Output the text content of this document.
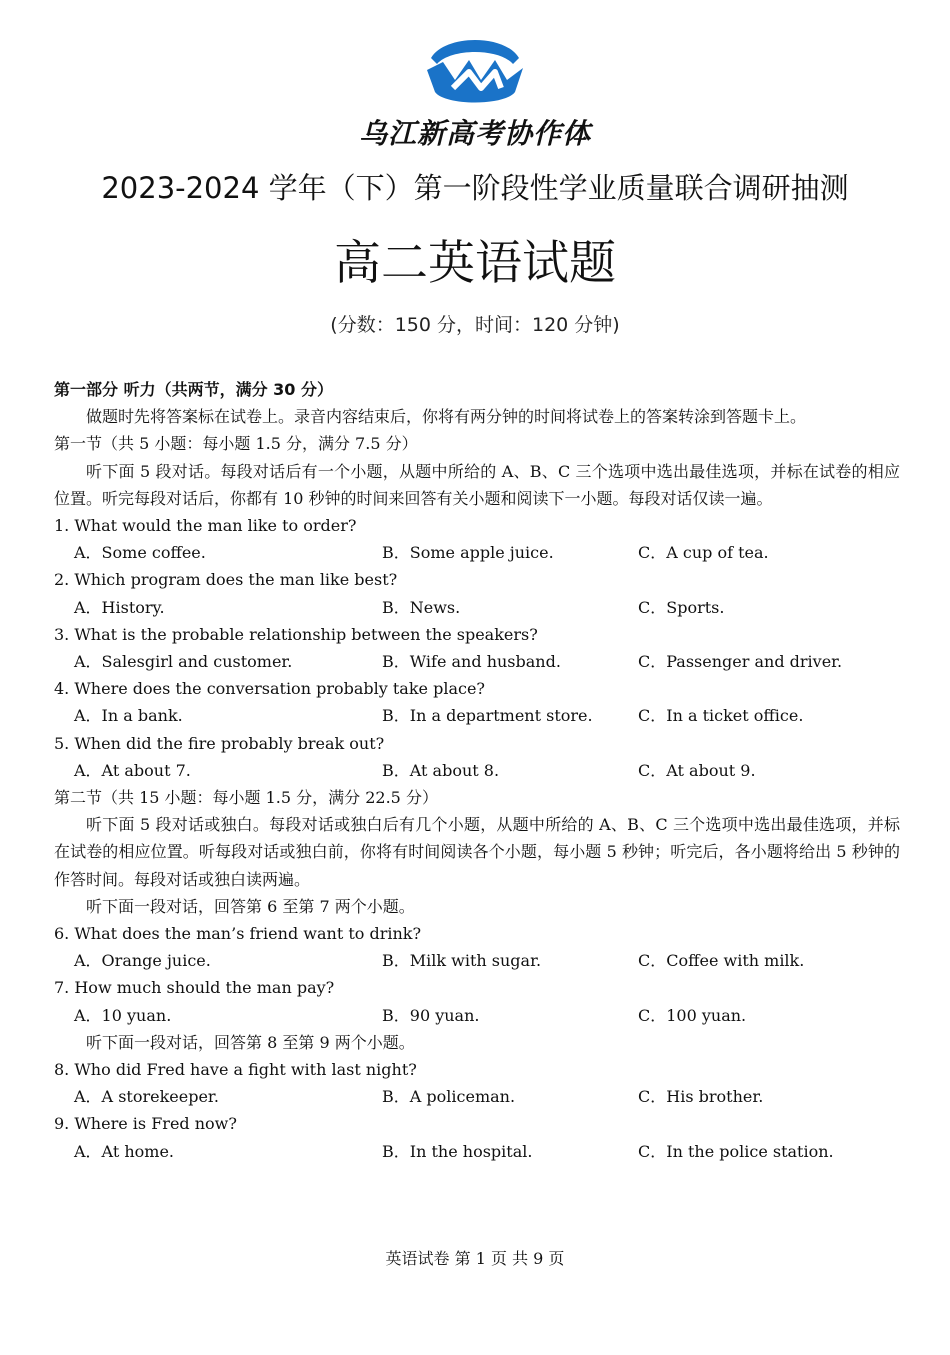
乌江新高考协作体
2023-2024 学年（下）第一阶段性学业质量联合调研抽测
高二英语试题
(分数：150 分，时间：120 分钟)

第一部分 听力（共两节，满分 30 分）

做题时先将答案标在试卷上。录音内容结束后，你将有两分钟的时间将试卷上的答案转涂到答题卡上。

第一节（共 5 小题：每小题 1.5 分，满分 7.5 分）

听下面 5 段对话。每段对话后有一个小题，从题中所给的 A、B、C 三个选项中选出最佳选项，并标在试卷的相应位置。听完每段对话后，你都有 10 秒钟的时间来回答有关小题和阅读下一小题。每段对话仅读一遍。

1. What would the man like to order?

A．Some coffee.	B．Some apple juice.	C．A cup of tea.

2. Which program does the man like best?

A．History.	B．News.	C．Sports.

3. What is the probable relationship between the speakers?

A．Salesgirl and customer.	B．Wife and husband.	C．Passenger and driver.

4. Where does the conversation probably take place?

A．In a bank.	B．In a department store.	C．In a ticket office.

5. When did the fire probably break out?

A．At about 7.	B．At about 8.	C．At about 9.

第二节（共 15 小题：每小题 1.5 分，满分 22.5 分）

听下面 5 段对话或独白。每段对话或独白后有几个小题，从题中所给的 A、B、C 三个选项中选出最佳选项，并标在试卷的相应位置。听每段对话或独白前，你将有时间阅读各个小题，每小题 5 秒钟；听完后，各小题将给出 5 秒钟的作答时间。每段对话或独白读两遍。

听下面一段对话，回答第 6 至第 7 两个小题。

6. What does the man’s friend want to drink?

A．Orange juice.	B．Milk with sugar.	C．Coffee with milk.

7. How much should the man pay?

A．10 yuan.	B．90 yuan.	C．100 yuan.

听下面一段对话，回答第 8 至第 9 两个小题。

8. Who did Fred have a fight with last night?

A．A storekeeper.	B．A policeman.	C．His brother.

9. Where is Fred now?

A．At home.	B．In the hospital.	C．In the police station.
英语试卷 第 1 页 共 9 页
